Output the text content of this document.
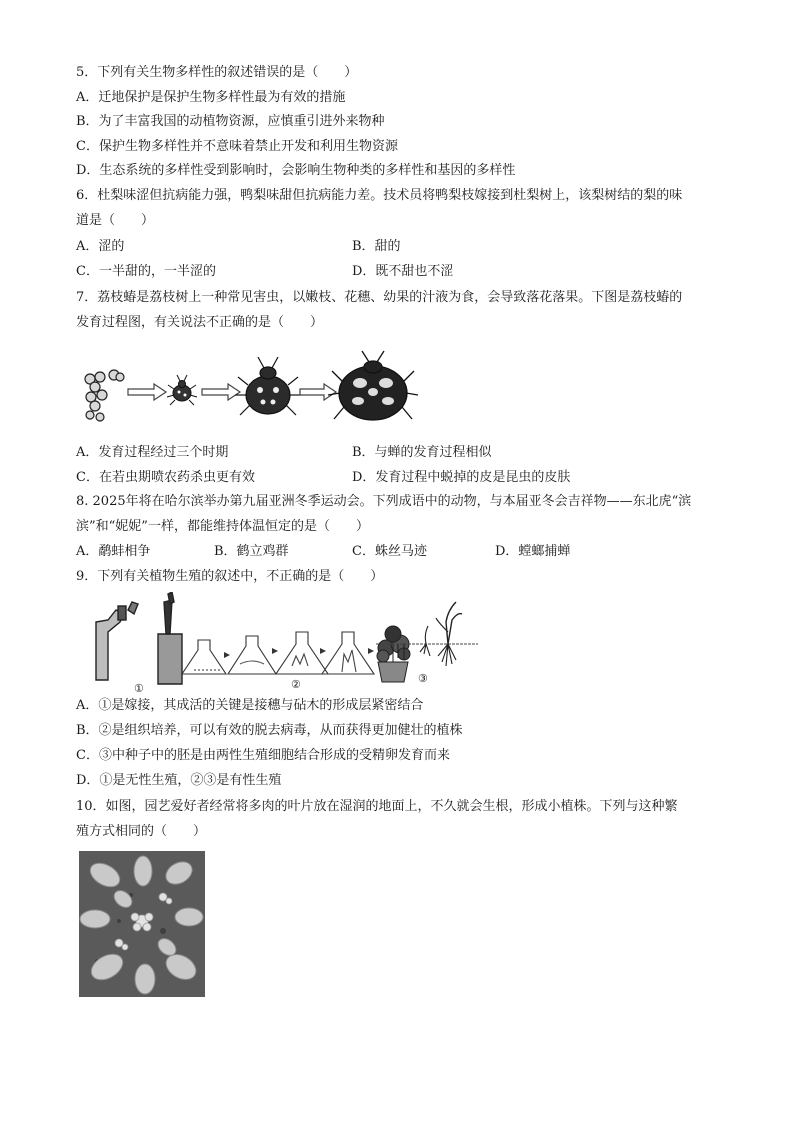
5．下列有关生物多样性的叙述错误的是（　　）
A．迁地保护是保护生物多样性最为有效的措施
B．为了丰富我国的动植物资源，应慎重引进外来物种
C．保护生物多样性并不意味着禁止开发和利用生物资源
D．生态系统的多样性受到影响时，会影响生物种类的多样性和基因的多样性
6．杜梨味涩但抗病能力强，鸭梨味甜但抗病能力差。技术员将鸭梨枝嫁接到杜梨树上，该梨树结的梨的味
道是（　　）
A．涩的	B．甜的
C．一半甜的，一半涩的	D．既不甜也不涩
7．荔枝蝽是荔枝树上一种常见害虫，以嫩枝、花穗、幼果的汁液为食，会导致落花落果。下图是荔枝蝽的
发育过程图，有关说法不正确的是（　　）
A．发育过程经过三个时期	B．与蝉的发育过程相似
C．在若虫期喷农药杀虫更有效	D．发育过程中蜕掉的皮是昆虫的皮肤
8. 2025年将在哈尔滨举办第九届亚洲冬季运动会。下列成语中的动物，与本届亚冬会吉祥物——东北虎“滨
滨”和“妮妮”一样，都能维持体温恒定的是（　　）
A．鹬蚌相争	B．鹤立鸡群	C．蛛丝马迹	D．螳螂捕蝉
9．下列有关植物生殖的叙述中，不正确的是（　　）
①	②	③
A．①是嫁接，其成活的关键是接穗与砧木的形成层紧密结合
B．②是组织培养，可以有效的脱去病毒，从而获得更加健壮的植株
C．③中种子中的胚是由两性生殖细胞结合形成的受精卵发育而来
D．①是无性生殖，②③是有性生殖
10．如图，园艺爱好者经常将多肉的叶片放在湿润的地面上，不久就会生根，形成小植株。下列与这种繁
殖方式相同的（　　）
